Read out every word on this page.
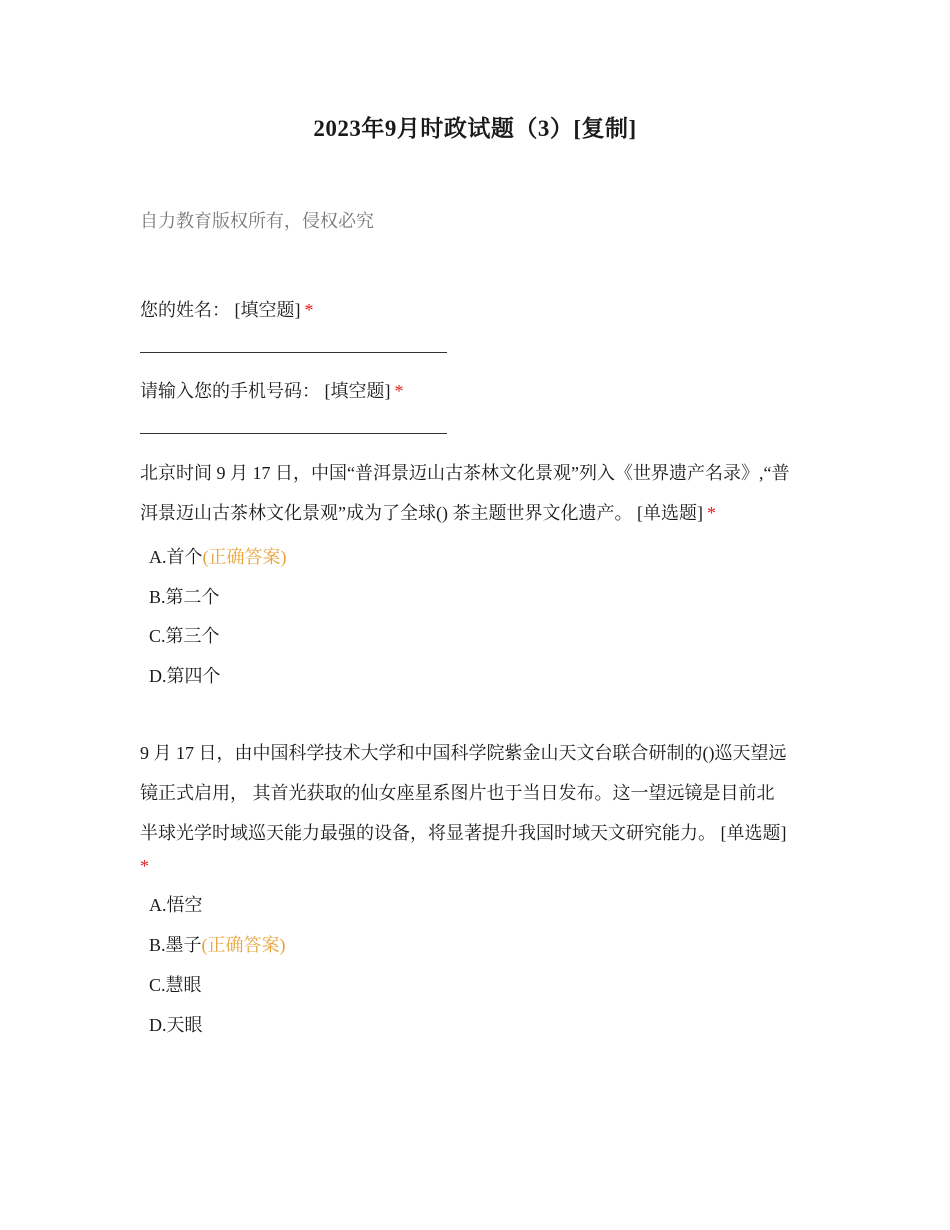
2023年9月时政试题（3）[复制]
自力教育版权所有，侵权必究
您的姓名： [填空题] *
请输入您的手机号码： [填空题] *
北京时间 9 月 17 日，中国“普洱景迈山古茶林文化景观”列入《世界遗产名录》,“普
洱景迈山古茶林文化景观”成为了全球() 茶主题世界文化遗产。 [单选题] *
A.首个(正确答案)
B.第二个
C.第三个
D.第四个
9 月 17 日，由中国科学技术大学和中国科学院紫金山天文台联合研制的()巡天望远
镜正式启用， 其首光获取的仙女座星系图片也于当日发布。这一望远镜是目前北
半球光学时域巡天能力最强的设备，将显著提升我国时域天文研究能力。 [单选题]
*
A.悟空
B.墨子(正确答案)
C.慧眼
D.天眼
